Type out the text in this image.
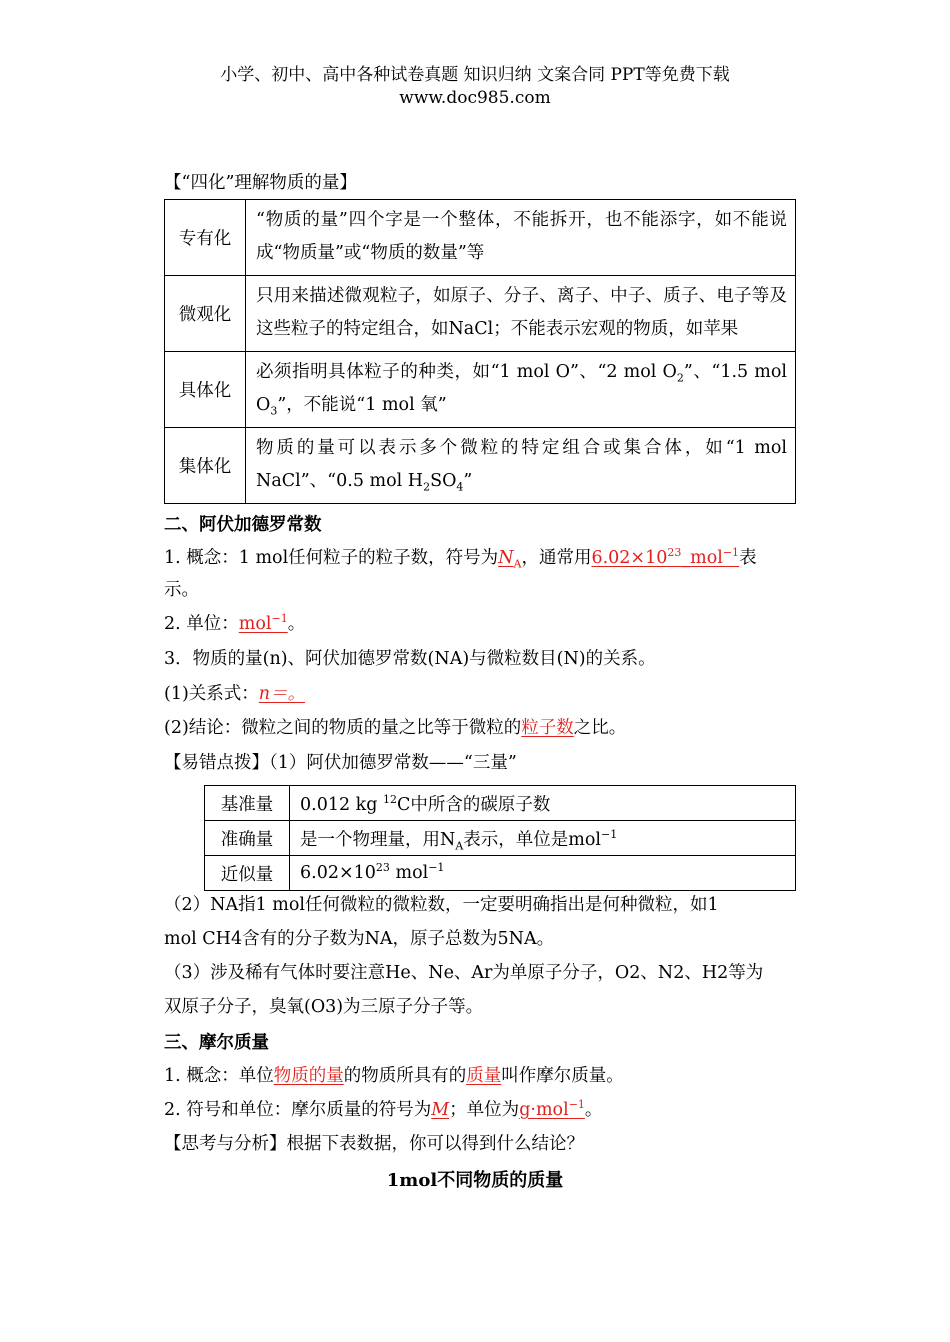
小学、初中、高中各种试卷真题 知识归纳 文案合同 PPT等免费下载
www.doc985.com
【“四化”理解物质的量】
专有化	“物质的量”四个字是一个整体，不能拆开，也不能添字，如不能说成“物质量”或“物质的数量”等
微观化	只用来描述微观粒子，如原子、分子、离子、中子、质子、电子等及这些粒子的特定组合，如NaCl；不能表示宏观的物质，如苹果
具体化	必须指明具体粒子的种类，如“1 mol O”、“2 mol $O_2$”、“1.5 mol $O_3$”，不能说“1 mol 氧”
集体化	物质的量可以表示多个微粒的特定组合或集合体，如“1 mol NaCl”、“0.5 mol $H_2SO_4$”
二、阿伏加德罗常数
1. 概念：1 mol任何粒子的粒子数，符号为$N_A$，通常用$6.02\times 10^{23}\_mol^{-1}$表
示。
2. 单位：mol$^{-1}$。
3．物质的量(n)、阿伏加德罗常数(NA)与微粒数目(N)的关系。
(1)关系式：n＝。
(2)结论：微粒之间的物质的量之比等于微粒的粒子数之比。
【易错点拨】（1）阿伏加德罗常数——“三量”
基准量	0.012 kg $^{12}$C中所含的碳原子数
准确量	是一个物理量，用$N_A$表示，单位是mol$^{-1}$
近似量	$6.02\times 10^{23}$ mol$^{-1}$
（2）NA指1 mol任何微粒的微粒数，一定要明确指出是何种微粒，如1
mol CH4含有的分子数为NA，原子总数为5NA。
（3）涉及稀有气体时要注意He、Ne、Ar为单原子分子，O2、N2、H2等为
双原子分子，臭氧(O3)为三原子分子等。
三、摩尔质量
1. 概念：单位物质的量的物质所具有的质量叫作摩尔质量。
2. 符号和单位：摩尔质量的符号为M；单位为g·mol$^{-1}$。
【思考与分析】根据下表数据，你可以得到什么结论？
1mol不同物质的质量
